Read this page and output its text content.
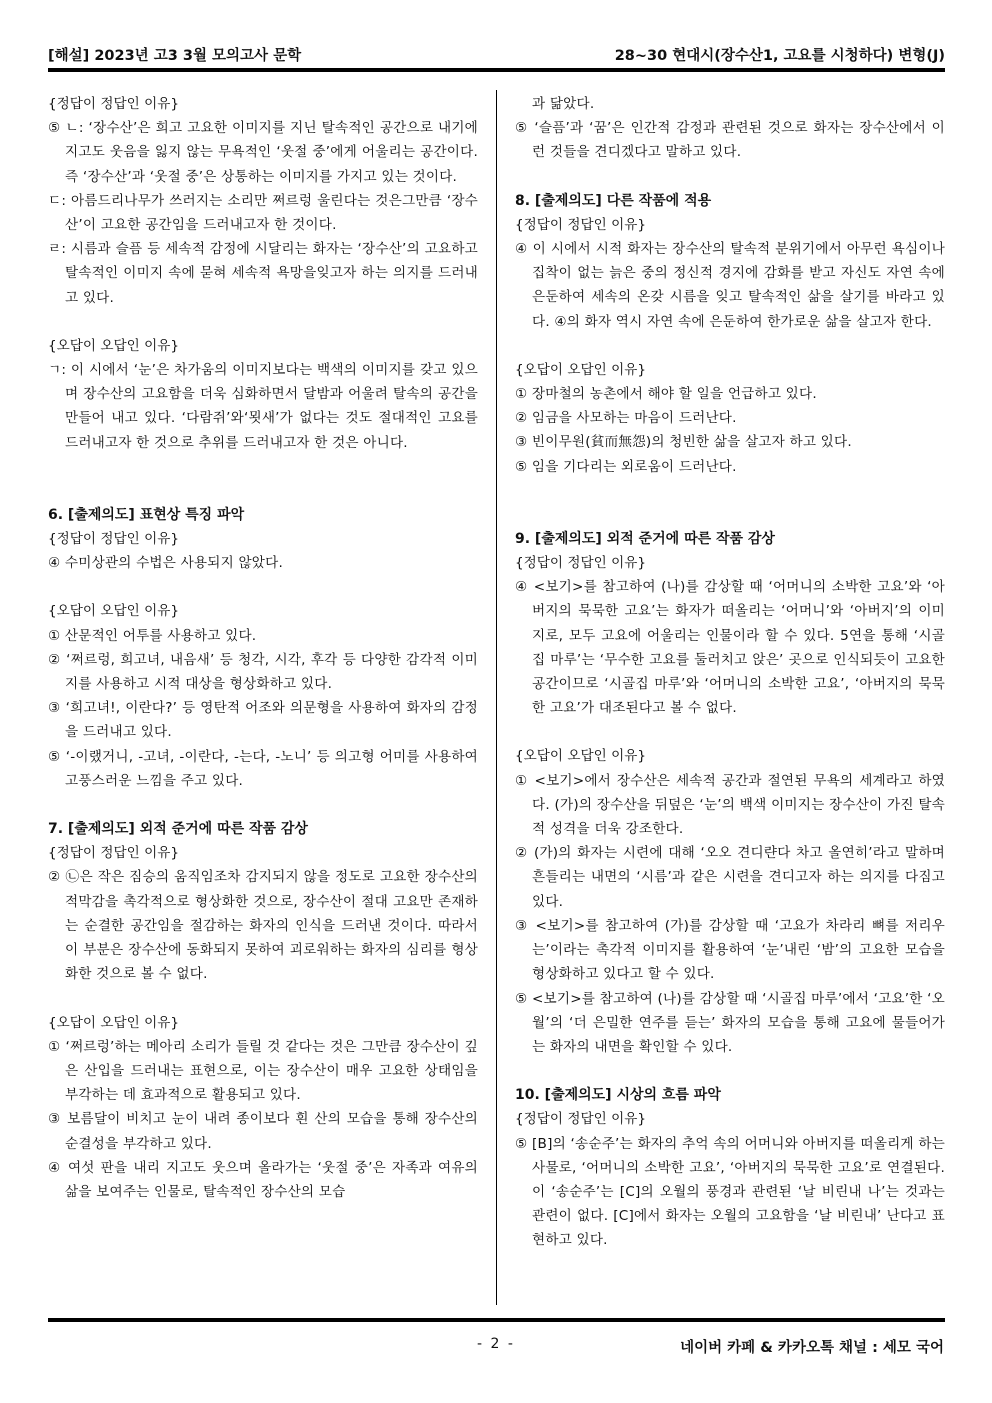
[해설] 2023년 고3 3월 모의고사 문학	28~30 현대시(장수산1, 고요를 시청하다) 변형(J)

{정답이 정답인 이유}

⑤ ㄴ: ‘장수산’은 희고 고요한 이미지를 지닌 탈속적인 공간으로 내기에 지고도 웃음을 잃지 않는 무욕적인 ‘웃절 중’에게 어울리는 공간이다. 즉 ‘장수산’과 ‘웃절 중’은 상통하는 이미지를 가지고 있는 것이다.

ㄷ: 아름드리나무가 쓰러지는 소리만 쩌르렁 울린다는 것은그만큼 ‘장수산’이 고요한 공간임을 드러내고자 한 것이다.

ㄹ: 시름과 슬픔 등 세속적 감정에 시달리는 화자는 ‘장수산’의 고요하고 탈속적인 이미지 속에 묻혀 세속적 욕망을잊고자 하는 의지를 드러내고 있다.

{오답이 오답인 이유}

ㄱ: 이 시에서 ‘눈’은 차가움의 이미지보다는 백색의 이미지를 갖고 있으며 장수산의 고요함을 더욱 심화하면서 달밤과 어울려 탈속의 공간을 만들어 내고 있다. ‘다람쥐’와‘묏새’가 없다는 것도 절대적인 고요를 드러내고자 한 것으로 추위를 드러내고자 한 것은 아니다.

6. [출제의도] 표현상 특징 파악

{정답이 정답인 이유}

④ 수미상관의 수법은 사용되지 않았다.

{오답이 오답인 이유}

① 산문적인 어투를 사용하고 있다.

② ‘쩌르렁, 희고녀, 내음새’ 등 청각, 시각, 후각 등 다양한 감각적 이미지를 사용하고 시적 대상을 형상화하고 있다.

③ ‘희고녀!, 이란다?’ 등 영탄적 어조와 의문형을 사용하여 화자의 감정을 드러내고 있다.

⑤ ‘-이랬거니, -고녀, -이란다, -는다, -노니’ 등 의고형 어미를 사용하여 고풍스러운 느낌을 주고 있다.

7. [출제의도] 외적 준거에 따른 작품 감상

{정답이 정답인 이유}

② ㉡은 작은 짐승의 움직임조차 감지되지 않을 정도로 고요한 장수산의 적막감을 촉각적으로 형상화한 것으로, 장수산이 절대 고요만 존재하는 순결한 공간임을 절감하는 화자의 인식을 드러낸 것이다. 따라서 이 부분은 장수산에 동화되지 못하여 괴로워하는 화자의 심리를 형상화한 것으로 볼 수 없다.

{오답이 오답인 이유}

① ‘쩌르렁’하는 메아리 소리가 들릴 것 같다는 것은 그만큼 장수산이 깊은 산입을 드러내는 표현으로, 이는 장수산이 매우 고요한 상태임을 부각하는 데 효과적으로 활용되고 있다.

③ 보름달이 비치고 눈이 내려 종이보다 흰 산의 모습을 통해 장수산의 순결성을 부각하고 있다.

④ 여섯 판을 내리 지고도 웃으며 올라가는 ‘웃절 중’은 자족과 여유의 삶을 보여주는 인물로, 탈속적인 장수산의 모습

과 닮았다.

⑤ ‘슬픔’과 ‘꿈’은 인간적 감정과 관련된 것으로 화자는 장수산에서 이런 것들을 견디겠다고 말하고 있다.

8. [출제의도] 다른 작품에 적용

{정답이 정답인 이유}

④ 이 시에서 시적 화자는 장수산의 탈속적 분위기에서 아무런 욕심이나 집착이 없는 늙은 중의 정신적 경지에 감화를 받고 자신도 자연 속에 은둔하여 세속의 온갖 시름을 잊고 탈속적인 삶을 살기를 바라고 있다. ④의 화자 역시 자연 속에 은둔하여 한가로운 삶을 살고자 한다.

{오답이 오답인 이유}

① 장마철의 농촌에서 해야 할 일을 언급하고 있다.

② 임금을 사모하는 마음이 드러난다.

③ 빈이무원(貧而無怨)의 청빈한 삶을 살고자 하고 있다.

⑤ 임을 기다리는 외로움이 드러난다.

9. [출제의도] 외적 준거에 따른 작품 감상

{정답이 정답인 이유}

④ <보기>를 참고하여 (나)를 감상할 때 ‘어머니의 소박한 고요’와 ‘아버지의 묵묵한 고요’는 화자가 떠올리는 ‘어머니’와 ‘아버지’의 이미지로, 모두 고요에 어울리는 인물이라 할 수 있다. 5연을 통해 ‘시골집 마루’는 ‘무수한 고요를 둘러치고 앉은’ 곳으로 인식되듯이 고요한 공간이므로 ‘시골집 마루’와 ‘어머니의 소박한 고요’, ‘아버지의 묵묵한 고요’가 대조된다고 볼 수 없다.

{오답이 오답인 이유}

① <보기>에서 장수산은 세속적 공간과 절연된 무욕의 세계라고 하였다. (가)의 장수산을 뒤덮은 ‘눈’의 백색 이미지는 장수산이 가진 탈속적 성격을 더욱 강조한다.

② (가)의 화자는 시련에 대해 ‘오오 견디랸다 차고 올연히’라고 말하며 흔들리는 내면의 ‘시름’과 같은 시련을 견디고자 하는 의지를 다짐고 있다.

③ <보기>를 참고하여 (가)를 감상할 때 ‘고요가 차라리 뼈를 저리우는’이라는 촉각적 이미지를 활용하여 ‘눈’내린 ‘밤’의 고요한 모습을 형상화하고 있다고 할 수 있다.

⑤ <보기>를 참고하여 (나)를 감상할 때 ‘시골집 마루’에서 ‘고요’한 ‘오월’의 ‘더 은밀한 연주를 듣는’ 화자의 모습을 통해 고요에 물들어가는 화자의 내면을 확인할 수 있다.

10. [출제의도] 시상의 흐름 파악

{정답이 정답인 이유}

⑤ [B]의 ‘송순주’는 화자의 추억 속의 어머니와 아버지를 떠올리게 하는 사물로, ‘어머니의 소박한 고요’, ‘아버지의 묵묵한 고요’로 연결된다. 이 ‘송순주’는 [C]의 오월의 풍경과 관련된 ‘날 비린내 나’는 것과는 관련이 없다. [C]에서 화자는 오월의 고요함을 ‘날 비린내’ 난다고 표현하고 있다.

- 2 -	네이버 카페 & 카카오톡 채널 : 세모 국어
